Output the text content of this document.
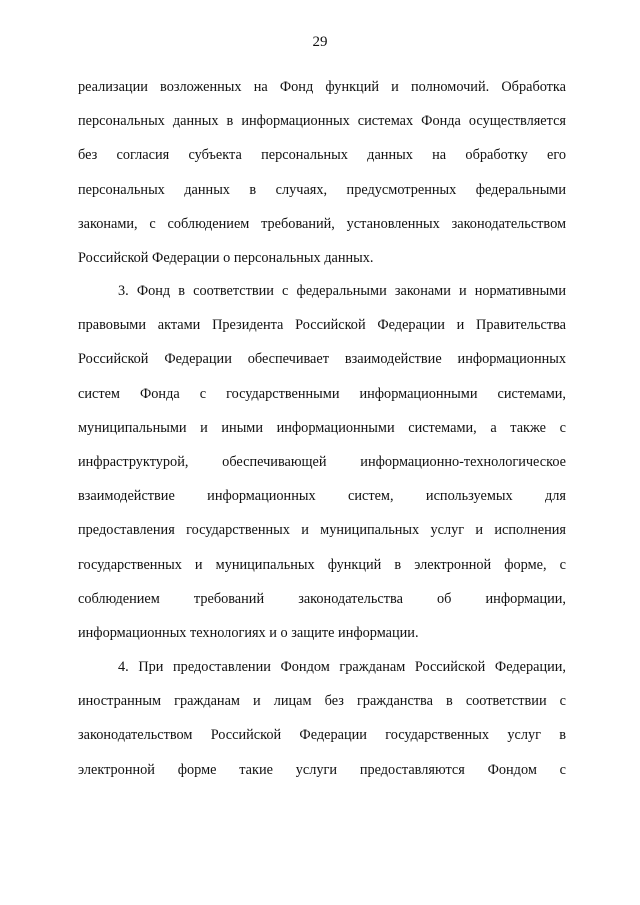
29
реализации возложенных на Фонд функций и полномочий. Обработка
персональных данных в информационных системах Фонда осуществляется
без согласия субъекта персональных данных на обработку его
персональных данных в случаях, предусмотренных федеральными
законами, с соблюдением требований, установленных законодательством
Российской Федерации о персональных данных.
3. Фонд в соответствии с федеральными законами и нормативными
правовыми актами Президента Российской Федерации и Правительства
Российской Федерации обеспечивает взаимодействие информационных
систем Фонда с государственными информационными системами,
муниципальными и иными информационными системами, а также с
инфраструктурой, обеспечивающей информационно-технологическое
взаимодействие информационных систем, используемых для
предоставления государственных и муниципальных услуг и исполнения
государственных и муниципальных функций в электронной форме, с
соблюдением требований законодательства об информации,
информационных технологиях и о защите информации.
4. При предоставлении Фондом гражданам Российской Федерации,
иностранным гражданам и лицам без гражданства в соответствии с
законодательством Российской Федерации государственных услуг в
электронной форме такие услуги предоставляются Фондом с
